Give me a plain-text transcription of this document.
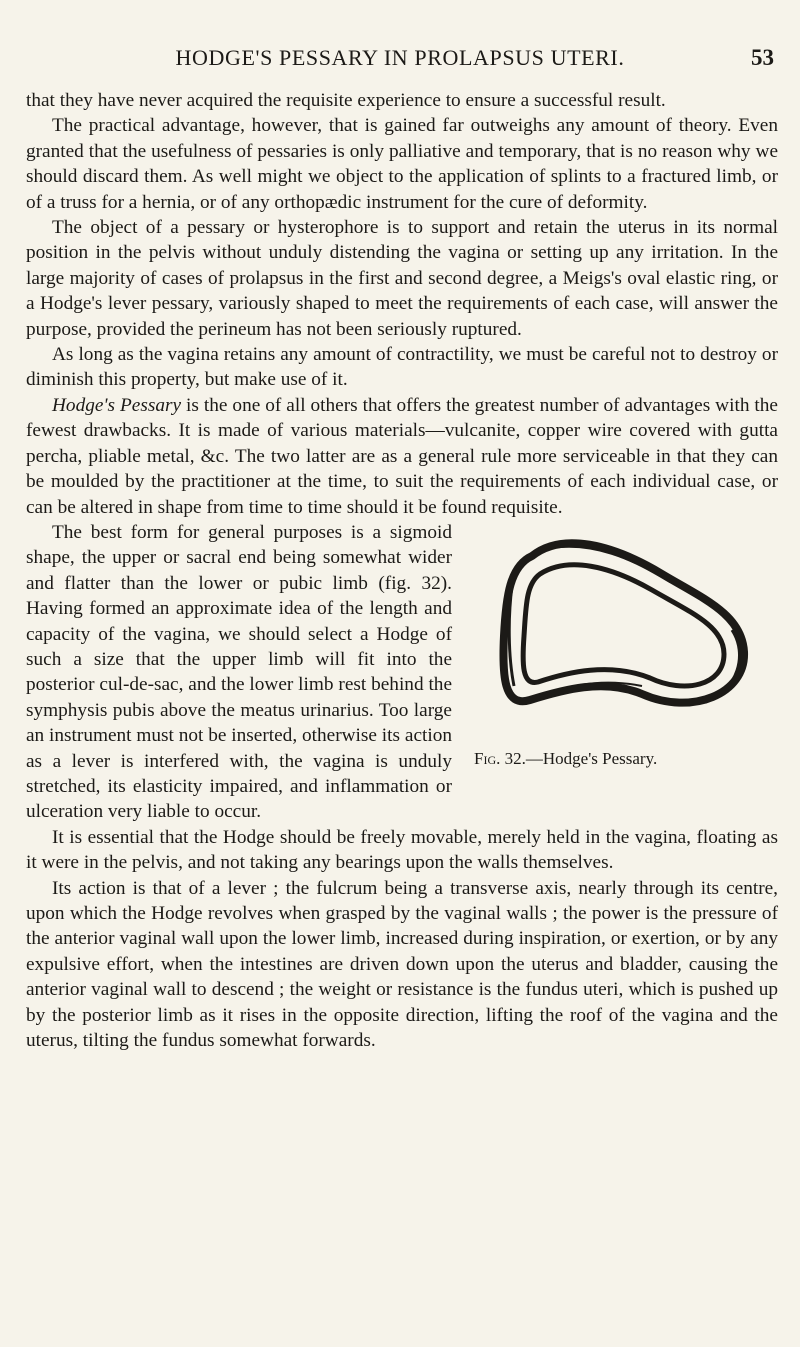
HODGE'S PESSARY IN PROLAPSUS UTERI.	53

that they have never acquired the requisite experience to ensure a successful result.

The practical advantage, however, that is gained far outweighs any amount of theory. Even granted that the usefulness of pessaries is only palliative and temporary, that is no reason why we should discard them. As well might we object to the application of splints to a fractured limb, or of a truss for a hernia, or of any orthopædic instrument for the cure of deformity.

The object of a pessary or hysterophore is to support and retain the uterus in its normal position in the pelvis without unduly distending the vagina or setting up any irritation. In the large majority of cases of prolapsus in the first and second degree, a Meigs's oval elastic ring, or a Hodge's lever pessary, variously shaped to meet the requirements of each case, will answer the purpose, provided the perineum has not been seriously ruptured.

As long as the vagina retains any amount of contractility, we must be careful not to destroy or diminish this property, but make use of it.

Hodge's Pessary is the one of all others that offers the greatest number of advantages with the fewest drawbacks. It is made of various materials—vulcanite, copper wire covered with gutta percha, pliable metal, &c. The two latter are as a general rule more serviceable in that they can be moulded by the practitioner at the time, to suit the requirements of each individual case, or can be altered in shape from time to time should it be found requisite.

Fig. 32.—Hodge's Pessary.

The best form for general purposes is a sigmoid shape, the upper or sacral end being somewhat wider and flatter than the lower or pubic limb (fig. 32). Having formed an approximate idea of the length and capacity of the vagina, we should select a Hodge of such a size that the upper limb will fit into the posterior cul-de-sac, and the lower limb rest behind the symphysis pubis above the meatus urinarius. Too large an instrument must not be inserted, otherwise its action as a lever is interfered with, the vagina is unduly stretched, its elasticity impaired, and inflammation or ulceration very liable to occur.

It is essential that the Hodge should be freely movable, merely held in the vagina, floating as it were in the pelvis, and not taking any bearings upon the walls themselves.

Its action is that of a lever ; the fulcrum being a transverse axis, nearly through its centre, upon which the Hodge revolves when grasped by the vaginal walls ; the power is the pressure of the anterior vaginal wall upon the lower limb, increased during inspiration, or exertion, or by any expulsive effort, when the intestines are driven down upon the uterus and bladder, causing the anterior vaginal wall to descend ; the weight or resistance is the fundus uteri, which is pushed up by the posterior limb as it rises in the opposite direction, lifting the roof of the vagina and the uterus, tilting the fundus somewhat forwards.
